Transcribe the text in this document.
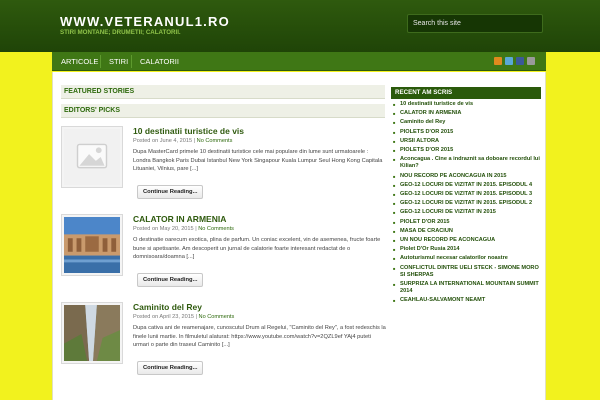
WWW.VETERANUL1.RO
STIRI MONTANE; DRUMETII; CALATORII.
Search this site
ARTICOLE STIRI CALATORII
FEATURED STORIES
EDITORS' PICKS
10 destinatii turistice de vis
Posted on June 4, 2015 | No Comments
Dupa MasterCard primele 10 destinatii turistice cele mai populare din lume sunt urmatoarele : Londra Bangkok Paris Dubai Istanbul New York Singapour Kuala Lumpur Seul Hong Kong Capitala Lituaniei, Vilnius, pare [...]
Continue Reading...
CALATOR IN ARMENIA
Posted on May 20, 2015 | No Comments
O destinatie oarecum exotica, plina de parfum. Un coniac excelent, vin de asemenea, fructe foarte bune si apetisante. Am descoperit un jurnal de calatorie foarte interesant redactat de o domnisoara/doamna [...]
Continue Reading...
Caminito del Rey
Posted on April 23, 2015 | No Comments
Dupa cativa ani de reamenajare, cunoscutul Drum al Regelui, "Caminito del Rey", a fost redeschis la finele lunii martie. In filmuletul alaturat: https://www.youtube.com/watch?v=2QZL9ef YAj4 puteti urmari o parte din traseul Caminito [...]
Continue Reading...
RECENT AM SCRIS
■ 10 destinatii turistice de vis
■ CALATOR IN ARMENIA
■ Caminito del Rey
■ PIOLETS D'OR 2015
■ URSII ALTORA
■ PIOLETS D'OR 2015
■ Aconcagua . Cine a indraznit sa doboare recordul lui Kilian?
■ NOU RECORD PE ACONCAGUA IN 2015
■ GEO-12 LOCURI DE VIZITAT IN 2015. EPISODUL 4
■ GEO-12 LOCURI DE VIZITAT IN 2015. EPISODUL 3
■ GEO-12 LOCURI DE VIZITAT IN 2015. EPISODUL 2
■ GEO-12 LOCURI DE VIZITAT IN 2015
■ PIOLET D'OR 2015
■ MASA DE CRACIUN
■ UN NOU RECORD PE ACONCAGUA
■ Piolet D'Or Rusia 2014
■ Autoturismul necesar calatorilor noastre
■ CONFLICTUL DINTRE UELI STECK - SIMONE MORO SI SHERPAS
■ SURPRIZA LA INTERNATIONAL MOUNTAIN SUMMIT 2014
■ CEAHLAU-SALVAMONT NEAMT
